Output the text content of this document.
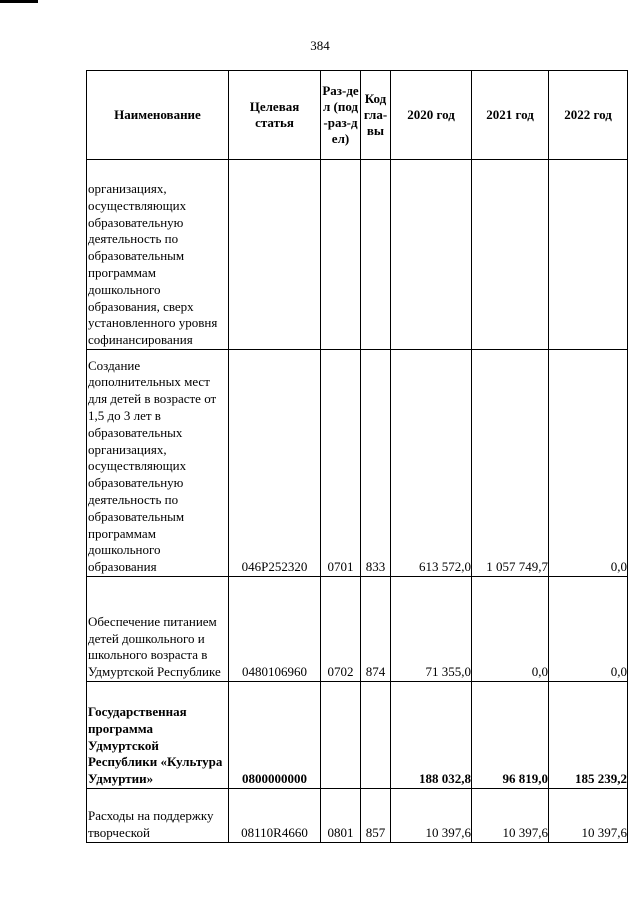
384
Наименование	Целевая статья	Раз-дел (под-раз-дел)	Код гла-вы	2020 год	2021 год	2022 год
организациях, осуществляющих образовательную деятельность по образовательным программам дошкольного образования, сверх установленного уровня софинансирования						
Создание дополнительных мест для детей в возрасте от 1,5 до 3 лет в образовательных организациях, осуществляющих образовательную деятельность по образовательным программам дошкольного образования	046P252320	0701	833	613 572,0	1 057 749,7	0,0
Обеспечение питанием детей дошкольного и школьного возраста в Удмуртской Республике	0480106960	0702	874	71 355,0	0,0	0,0
Государственная программа Удмуртской Республики «Культура Удмуртии»	0800000000			188 032,8	96 819,0	185 239,2
Расходы на поддержку творческой	08110R4660	0801	857	10 397,6	10 397,6	10 397,6
